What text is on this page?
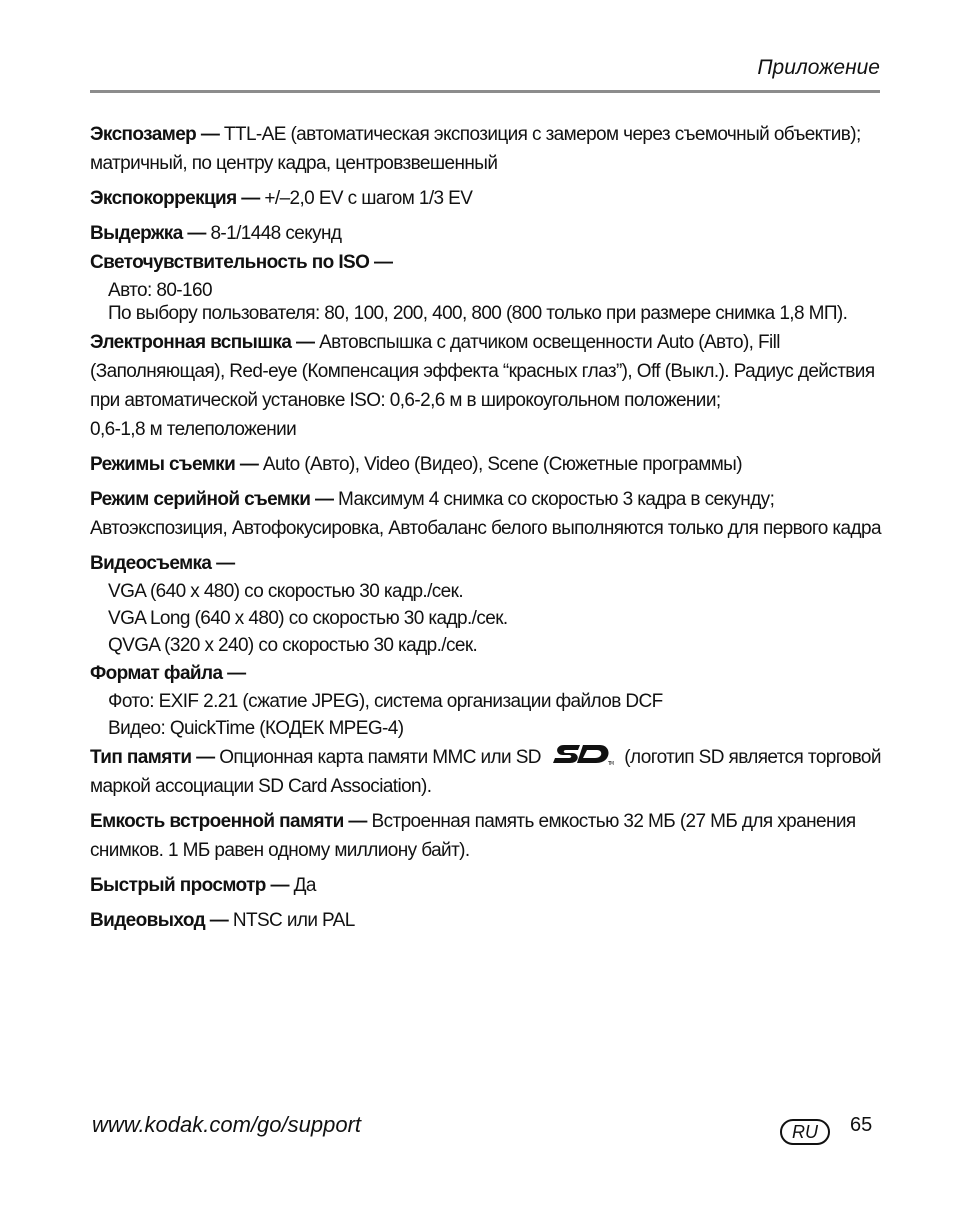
Приложение

Экспозамер — TTL-AE (автоматическая экспозиция с замером через съемочный объектив); матричный, по центру кадра, центровзвешенный

Экспокоррекция — +/–2,0 EV с шагом 1/3 EV

Выдержка — 8-1/1448 секунд

Светочувствительность по ISO —

Авто: 80-160
По выбору пользователя: 80, 100, 200, 400, 800 (800 только при размере снимка 1,8 МП).

Электронная вспышка — Автовспышка с датчиком освещенности Auto (Авто), Fill (Заполняющая), Red-eye (Компенсация эффекта “красных глаз”), Off (Выкл.). Радиус действия при автоматической установке ISO: 0,6-2,6 м в широкоугольном положении;

0,6-1,8 м телеположении

Режимы съемки — Auto (Авто), Video (Видео), Scene (Сюжетные программы)

Режим серийной съемки — Максимум 4 снимка со скоростью 3 кадра в секунду; Автоэкспозиция, Автофокусировка, Автобаланс белого выполняются только для первого кадра

Видеосъемка —

VGA (640 x 480) со скоростью 30 кадр./сек.
VGA Long (640 x 480) со скоростью 30 кадр./сек.
QVGA (320 x 240) со скоростью 30 кадр./сек.

Формат файла —

Фото: EXIF 2.21 (сжатие JPEG), система организации файлов DCF
Видео: QuickTime (КОДЕК MPEG-4)

Тип памяти — Опционная карта памяти MMC или SD	TM (логотип SD является торговой маркой ассоциации SD Card Association).

Емкость встроенной памяти — Встроенная память емкостью 32 МБ (27 МБ для хранения снимков. 1 МБ равен одному миллиону байт).

Быстрый просмотр — Да

Видеовыход — NTSC или PAL

www.kodak.com/go/support	RU	65
